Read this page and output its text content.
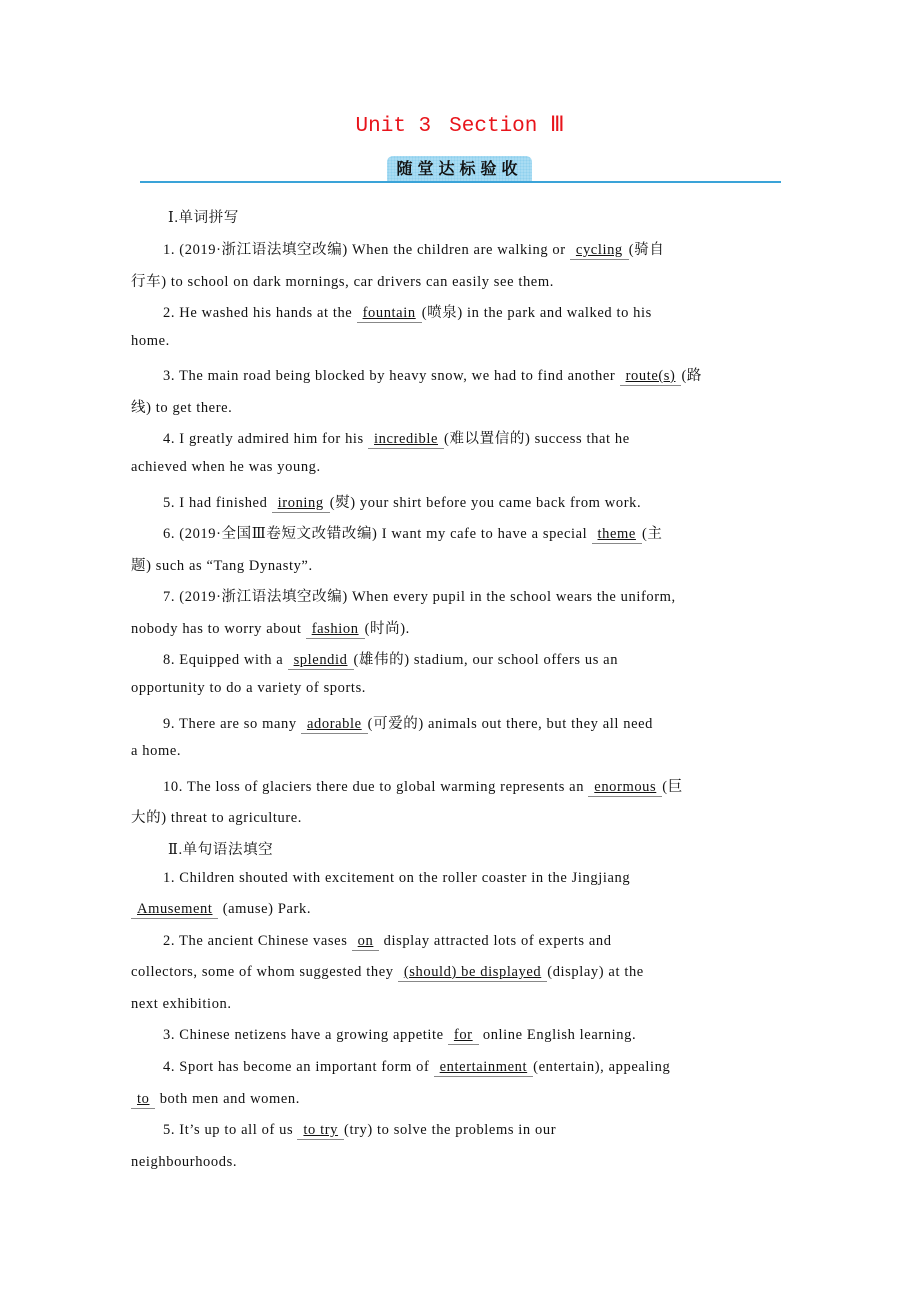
Unit 3 Section Ⅲ
随堂达标验收
Ⅰ.单词拼写
1. (2019·浙江语法填空改编) When the children are walking or cycling (骑自
行车) to school on dark mornings, car drivers can easily see them.
2. He washed his hands at the fountain (喷泉) in the park and walked to his
home.
3. The main road being blocked by heavy snow, we had to find another route(s) (路
线) to get there.
4. I greatly admired him for his incredible (难以置信的) success that he
achieved when he was young.
5. I had finished ironing (熨) your shirt before you came back from work.
6. (2019·全国Ⅲ卷短文改错改编) I want my cafe to have a special theme (主
题) such as “Tang Dynasty”.
7. (2019·浙江语法填空改编) When every pupil in the school wears the uniform,
nobody has to worry about fashion (时尚).
8. Equipped with a splendid (雄伟的) stadium, our school offers us an
opportunity to do a variety of sports.
9. There are so many adorable (可爱的) animals out there, but they all need
a home.
10. The loss of glaciers there due to global warming represents an enormous (巨
大的) threat to agriculture.
Ⅱ.单句语法填空
1. Children shouted with excitement on the roller coaster in the Jingjiang
Amusement (amuse) Park.
2. The ancient Chinese vases on display attracted lots of experts and
collectors, some of whom suggested they (should) be displayed (display) at the
next exhibition.
3. Chinese netizens have a growing appetite for online English learning.
4. Sport has become an important form of entertainment (entertain), appealing
to both men and women.
5. It’s up to all of us to try (try) to solve the problems in our
neighbourhoods.
